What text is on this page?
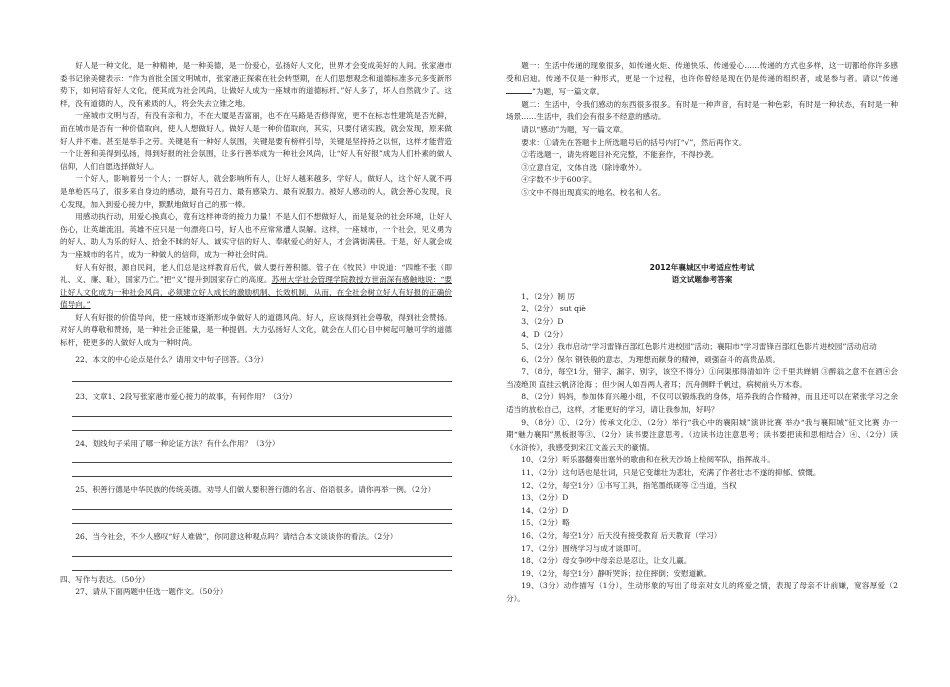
好人是一种文化，是一种精神，是一种美德，是一份爱心，弘扬好人文化，世界才会变成美好的人间。张家港市委书记徐美健表示：“作为首批全国文明城市，张家港正探索在社会转型期，在人们思想观念和道德标准多元多变新形势下，如何培育好人文化，使其成为社会风尚，让做好人成为一座城市的道德标杆。”好人多了，坏人自然就少了。这样，没有道德的人，没有素质的人，将会失去立锥之地。

一座城市文明与否，有没有亲和力，不在大厦是否富丽，也不在马路是否修得宽，更不在标志性建筑是否光鲜，而在城市是否有一种价值取向，使人人想做好人。做好人是一种价值取向，其实，只要付诸实践，就会发现，原来做好人并不难。甚至是举手之劳。关键是有一种好人氛围，关键是要有榜样引导，关键是坚持持之以恒，这样才能营造一个让善和美得到弘扬，得到好报的社会氛围，让多行善举成为一种社会风尚，让“好人有好报”成为人们朴素的做人信仰，人们自愿选择做好人。

一个好人，影响着另一个人；一群好人，就会影响所有人，让好人越来越多，学好人，做好人，这个好人就不再是单枪匹马了，很多来自身边的感动，最有号召力、最有感染力、最有说服力。被好人感动的人，就会善心发现，良心发现，加入到爱心接力中，默默地做好自己的那一棒。

用感动执行动，用爱心换真心，竟有这样神奇的接力力量！不是人们不想做好人，而是复杂的社会环境，让好人伤心，让英雄流泪。英雄不应只是一句漂亮口号，好人也不应常常遭人误解。这样，一座城市，一个社会，见义勇为的好人、助人为乐的好人、拾金不昧的好人、诚实守信的好人、奉献爱心的好人，才会满街满巷。于是，好人就会成为一座城市的名片，成为一种做人的信仰，成为一种社会时尚。

好人有好报，源自民间，老人们总是这样教育后代，做人要行善积德。管子在《牧民》中说道：“四维不张（即礼、义、廉、耻），国家乃亡。”把“义”提升到国家存亡的高度。苏州大学社会管理学院教授方世南深有感触地说：“要让好人文化成为一种社会风尚，必须建立好人成长的激励机制、长效机制，从而，在全社会树立好人有好报的正确价值导向。”

好人有好报的价值导向，使一座城市逐渐形成争做好人的道德风尚。好人，应该得到社会尊敬，得到社会赞扬。对好人的尊敬和赞扬，是一种社会正能量，是一种提倡。大力弘扬好人文化，就会在人们心目中树起可触可学的道德标杆，使更多的人做好人成为一种时尚。

22、本文的中心论点是什么？请用文中句子回答。（3分）

23、文章1、2段写张家港市爱心接力的故事，有何作用？（3分）

24、划线句子采用了哪一种论证方法？有什么作用？（3分）

25、积善行德是中华民族的传统美德。劝导人们做人要积善行德的名言、俗语很多。请你再举一例。（2分）

26、当今社会，不少人感叹“好人难做”，你同意这种观点吗？请结合本文谈谈你的看法。（2分）

四、写作与表达。（50分）

27、请从下面两题中任选一题作文。（50分）

题一：生活中传递的现象很多，如传递火炬、传递快乐、传递爱心……传递的方式也多样，这一切都给你许多感受和启迪。传递不仅是一种形式，更是一个过程，也许你曾经是现在仍是传递的组织者，或是参与者。请以“传递”为题，写一篇文章。

题二：生活中，令我们感动的东西很多很多。有时是一种声音，有时是一种色彩，有时是一种状态，有时是一种场景……生活中，我们会有很多不经意的感动。

请以“感动”为题，写一篇文章。

要求：①请先在答题卡上所选题号后的括号内打“√”，然后再作文。

②若选题一，请先将题目补充完整，不能套作，不得抄袭。

③立意自定，文体自选（除诗歌外）。

④字数不少于600字。

⑤文中不得出现真实的地名、校名和人名。

2012年襄城区中考适应性考试
语文试题参考答案

1、（2分）制 厉

2、（2分） sut qiè

3、（2分）D

4、D（2分）

5、（2分）我市启动“学习雷锋百部红色影片进校园”活动；襄阳市“学习雷锋百部红色影片进校园”活动启动

6、（2分）保尔 钢铁般的意志，为理想而献身的精神，顽强奋斗的高贵品质。

7、（8分，每空1分，错字、漏字、别字，该空不得分）①问渠那得清如许 ②千里共婵娟 ③醉翁之意不在酒④会当凌绝顶 直挂云帆济沧海 ；但少闲人如吾两人者耳；沉舟侧畔千帆过，病树前头万木春。

8、（2分）妈妈，参加体育兴趣小组，不仅可以锻炼我的身体，培养我的合作精神，而且还可以在紧张学习之余适当的放松自己，这样，才能更好的学习，请让我参加，好吗？

9、（8分）①、（2分）传承文化②、（2分）举行“我心中的襄阳城”演讲比赛 举办“我与襄阳城”征文比赛 办一期“魅力襄阳”黑板报等③、（2分）读书要注意思考。（边读书边注意思考；读书要把读和思相结合）④、（2分）读《水浒传》，我感受到宋江文盖云天的豪情。

10、（2分）听乐器翻奏出塞外的歌曲和在秋天沙场上检阅军队，指挥战斗。

11、（2分）这句话也是壮词，只是它变雄壮为悲壮，充满了作者壮志不遂的抑郁、愤慨。

12、（2分，每空1分）①书写工具，指笔墨纸砚等 ②当道，当权

13、（2分）D

14、（2分）D

15、（2分）略

16、（2分，每空1分）后天没有接受教育 后天教育（学习）

17、（2分）围绕学习与成才谈即可。

18、（2分）母女争吵中母亲总是忍让，让女儿赢。

19、（2分，每空1分）静听哭诉；拉住摔倒；安慰道歉。

19、（3分）动作描写（1分），生动形象的写出了母亲对女儿的疼爱之情，表现了母亲不计前嫌，宽容厚爱（2分）。
